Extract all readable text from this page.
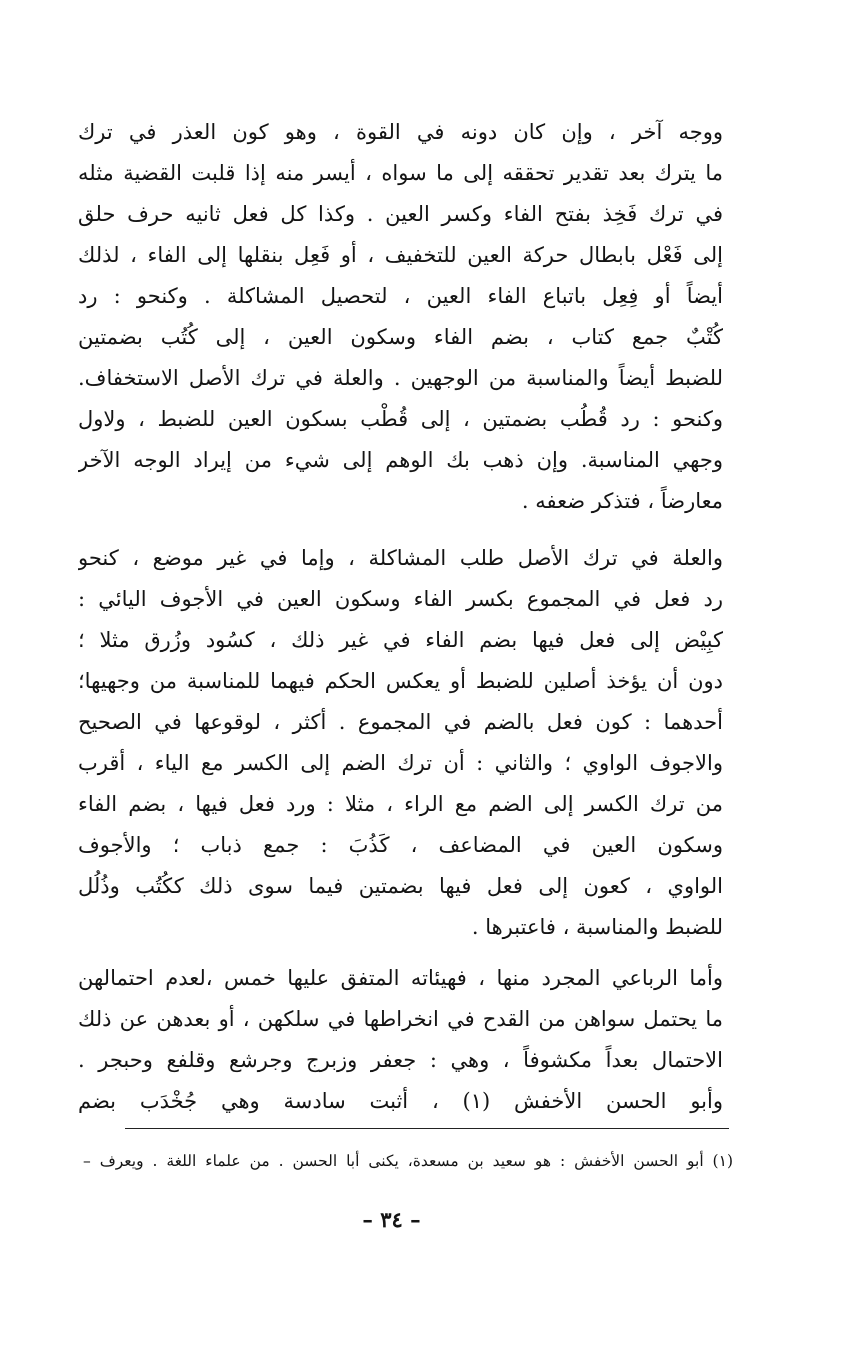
ووجه آخر ، وإن كان دونه في القوة ، وهو كون العذر في ترك
ما يترك بعد تقدير تحققه إلى ما سواه ، أيسر منه إذا قلبت القضية مثله
في ترك فَخِذ بفتح الفاء وكسر العين . وكذا كل فعل ثانيه حرف حلق
إلى فَعْل بابطال حركة العين للتخفيف ، أو فَعِل بنقلها إلى الفاء ، لذلك
أيضاً أو فِعِل باتباع الفاء العين ، لتحصيل المشاكلة . وكنحو : رد
كُتْبٌ جمع كتاب ، بضم الفاء وسكون العين ، إلى كُتُب بضمتين
للضبط أيضاً والمناسبة من الوجهين . والعلة في ترك الأصل الاستخفاف.
وكنحو : رد قُطُب بضمتين ، إلى قُطْب بسكون العين للضبط ، ولاول
وجهي المناسبة. وإن ذهب بك الوهم إلى شيء من إيراد الوجه الآخر
معارضاً ، فتذكر ضعفه .
والعلة في ترك الأصل طلب المشاكلة ، وإما في غير موضع ، كنحو
رد فعل في المجموع بكسر الفاء وسكون العين في الأجوف اليائي :
كبِيْض إلى فعل فيها بضم الفاء في غير ذلك ، كسُود وزُرق مثلا ؛
دون أن يؤخذ أصلين للضبط أو يعكس الحكم فيهما للمناسبة من وجهيها؛
أحدهما : كون فعل بالضم في المجموع . أكثر ، لوقوعها في الصحيح
والاجوف الواوي ؛ والثاني : أن ترك الضم إلى الكسر مع الياء ، أقرب
من ترك الكسر إلى الضم مع الراء ، مثلا : ورد فعل فيها ، بضم الفاء
وسكون العين في المضاعف ، كَذُبَ : جمع ذباب ؛ والأجوف
الواوي ، كعون إلى فعل فيها بضمتين فيما سوى ذلك ككُتُب وذُلُل
للضبط والمناسبة ، فاعتبرها .
وأما الرباعي المجرد منها ، فهيئاته المتفق عليها خمس ،لعدم احتمالهن
ما يحتمل سواهن من القدح في انخراطها في سلكهن ، أو بعدهن عن ذلك
الاحتمال بعداً مكشوفاً ، وهي : جعفر وزبرج وجرشع وقلفع وحبجر .
وأبو الحسن الأخفش (١) ، أثبت سادسة وهي جُخْدَب بضم
(١) أبو الحسن الأخفش : هو سعيد بن مسعدة، يكنى أبا الحسن . من علماء اللغة . ويعرف –
– ٣٤ –
